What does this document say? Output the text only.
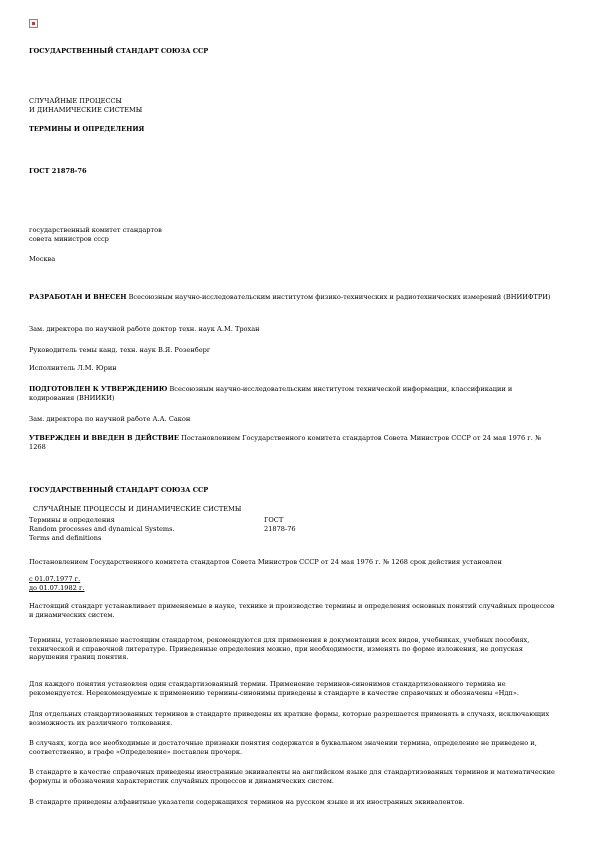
ГОСУДАРСТВЕННЫЙ СТАНДАРТ СОЮЗА ССР

СЛУЧАЙНЫЕ ПРОЦЕССЫ

И ДИНАМИЧЕСКИЕ СИСТЕМЫ

ТЕРМИНЫ И ОПРЕДЕЛЕНИЯ

ГОСТ 21878-76

государственный комитет стандартов

совета министров ссср

Москва

РАЗРАБОТАН И ВНЕСЕН Всесоюзным научно-исследовательским институтом физико-технических и радиотехнических измерений (ВНИИФТРИ)

Зам. директора по научной работе доктор техн. наук А.М. Трохан

Руководитель темы канд. техн. наук В.Я. Розенберг

Исполнитель Л.М. Юрин

ПОДГОТОВЛЕН К УТВЕРЖДЕНИЮ Всесоюзным научно-исследовательским институтом технической информации, классификации и кодирования (ВНИИКИ)

Зам. директора по научной работе А.А. Сакон

УТВЕРЖДЕН И ВВЕДЕН В ДЕЙСТВИЕ Постановлением Государственного комитета стандартов Совета Министров СССР от 24 мая 1976 г. № 1268

ГОСУДАРСТВЕННЫЙ СТАНДАРТ СОЮЗА ССР

СЛУЧАЙНЫЕ ПРОЦЕССЫ И ДИНАМИЧЕСКИЕ СИСТЕМЫ

Термины и определения	ГОСТ
Random processes and dynamical Systems.	21878-76
Terms and definitions

Постановлением Государственного комитета стандартов Совета Министров СССР от 24 мая 1976 г. № 1268 срок действия установлен

с 01.07.1977 г.

до 01.07.1982 г.

Настоящий стандарт устанавливает применяемые в науке, технике и производстве термины и определения основных понятий случайных процессов и динамических систем.

Термины, установленные настоящим стандартом, рекомендуются для применения в документации всех видов, учебниках, учебных пособиях, технической и справочной литературе. Приведенные определения можно, при необходимости, изменять по форме изложения, не допуская нарушения границ понятия.

Для каждого понятия установлен один стандартизованный термин. Применение терминов-синонимов стандартизованного термина не рекомендуется. Нерекомендуемые к применению термины-синонимы приведены в стандарте в качестве справочных и обозначены «Ндп».

Для отдельных стандартизованных терминов в стандарте приведены их краткие формы, которые разрешается применять в случаях, исключающих возможность их различного толкования.

В случаях, когда все необходимые и достаточные признаки понятия содержатся в буквальном значении термина, определение не приведено и, соответственно, в графе «Определение» поставлен прочерк.

В стандарте в качестве справочных приведены иностранные эквиваленты на английском языке для стандартизованных терминов и математические формулы и обозначения характеристик случайных процессов и динамических систем.

В стандарте приведены алфавитные указатели содержащихся терминов на русском языке и их иностранных эквивалентов.
